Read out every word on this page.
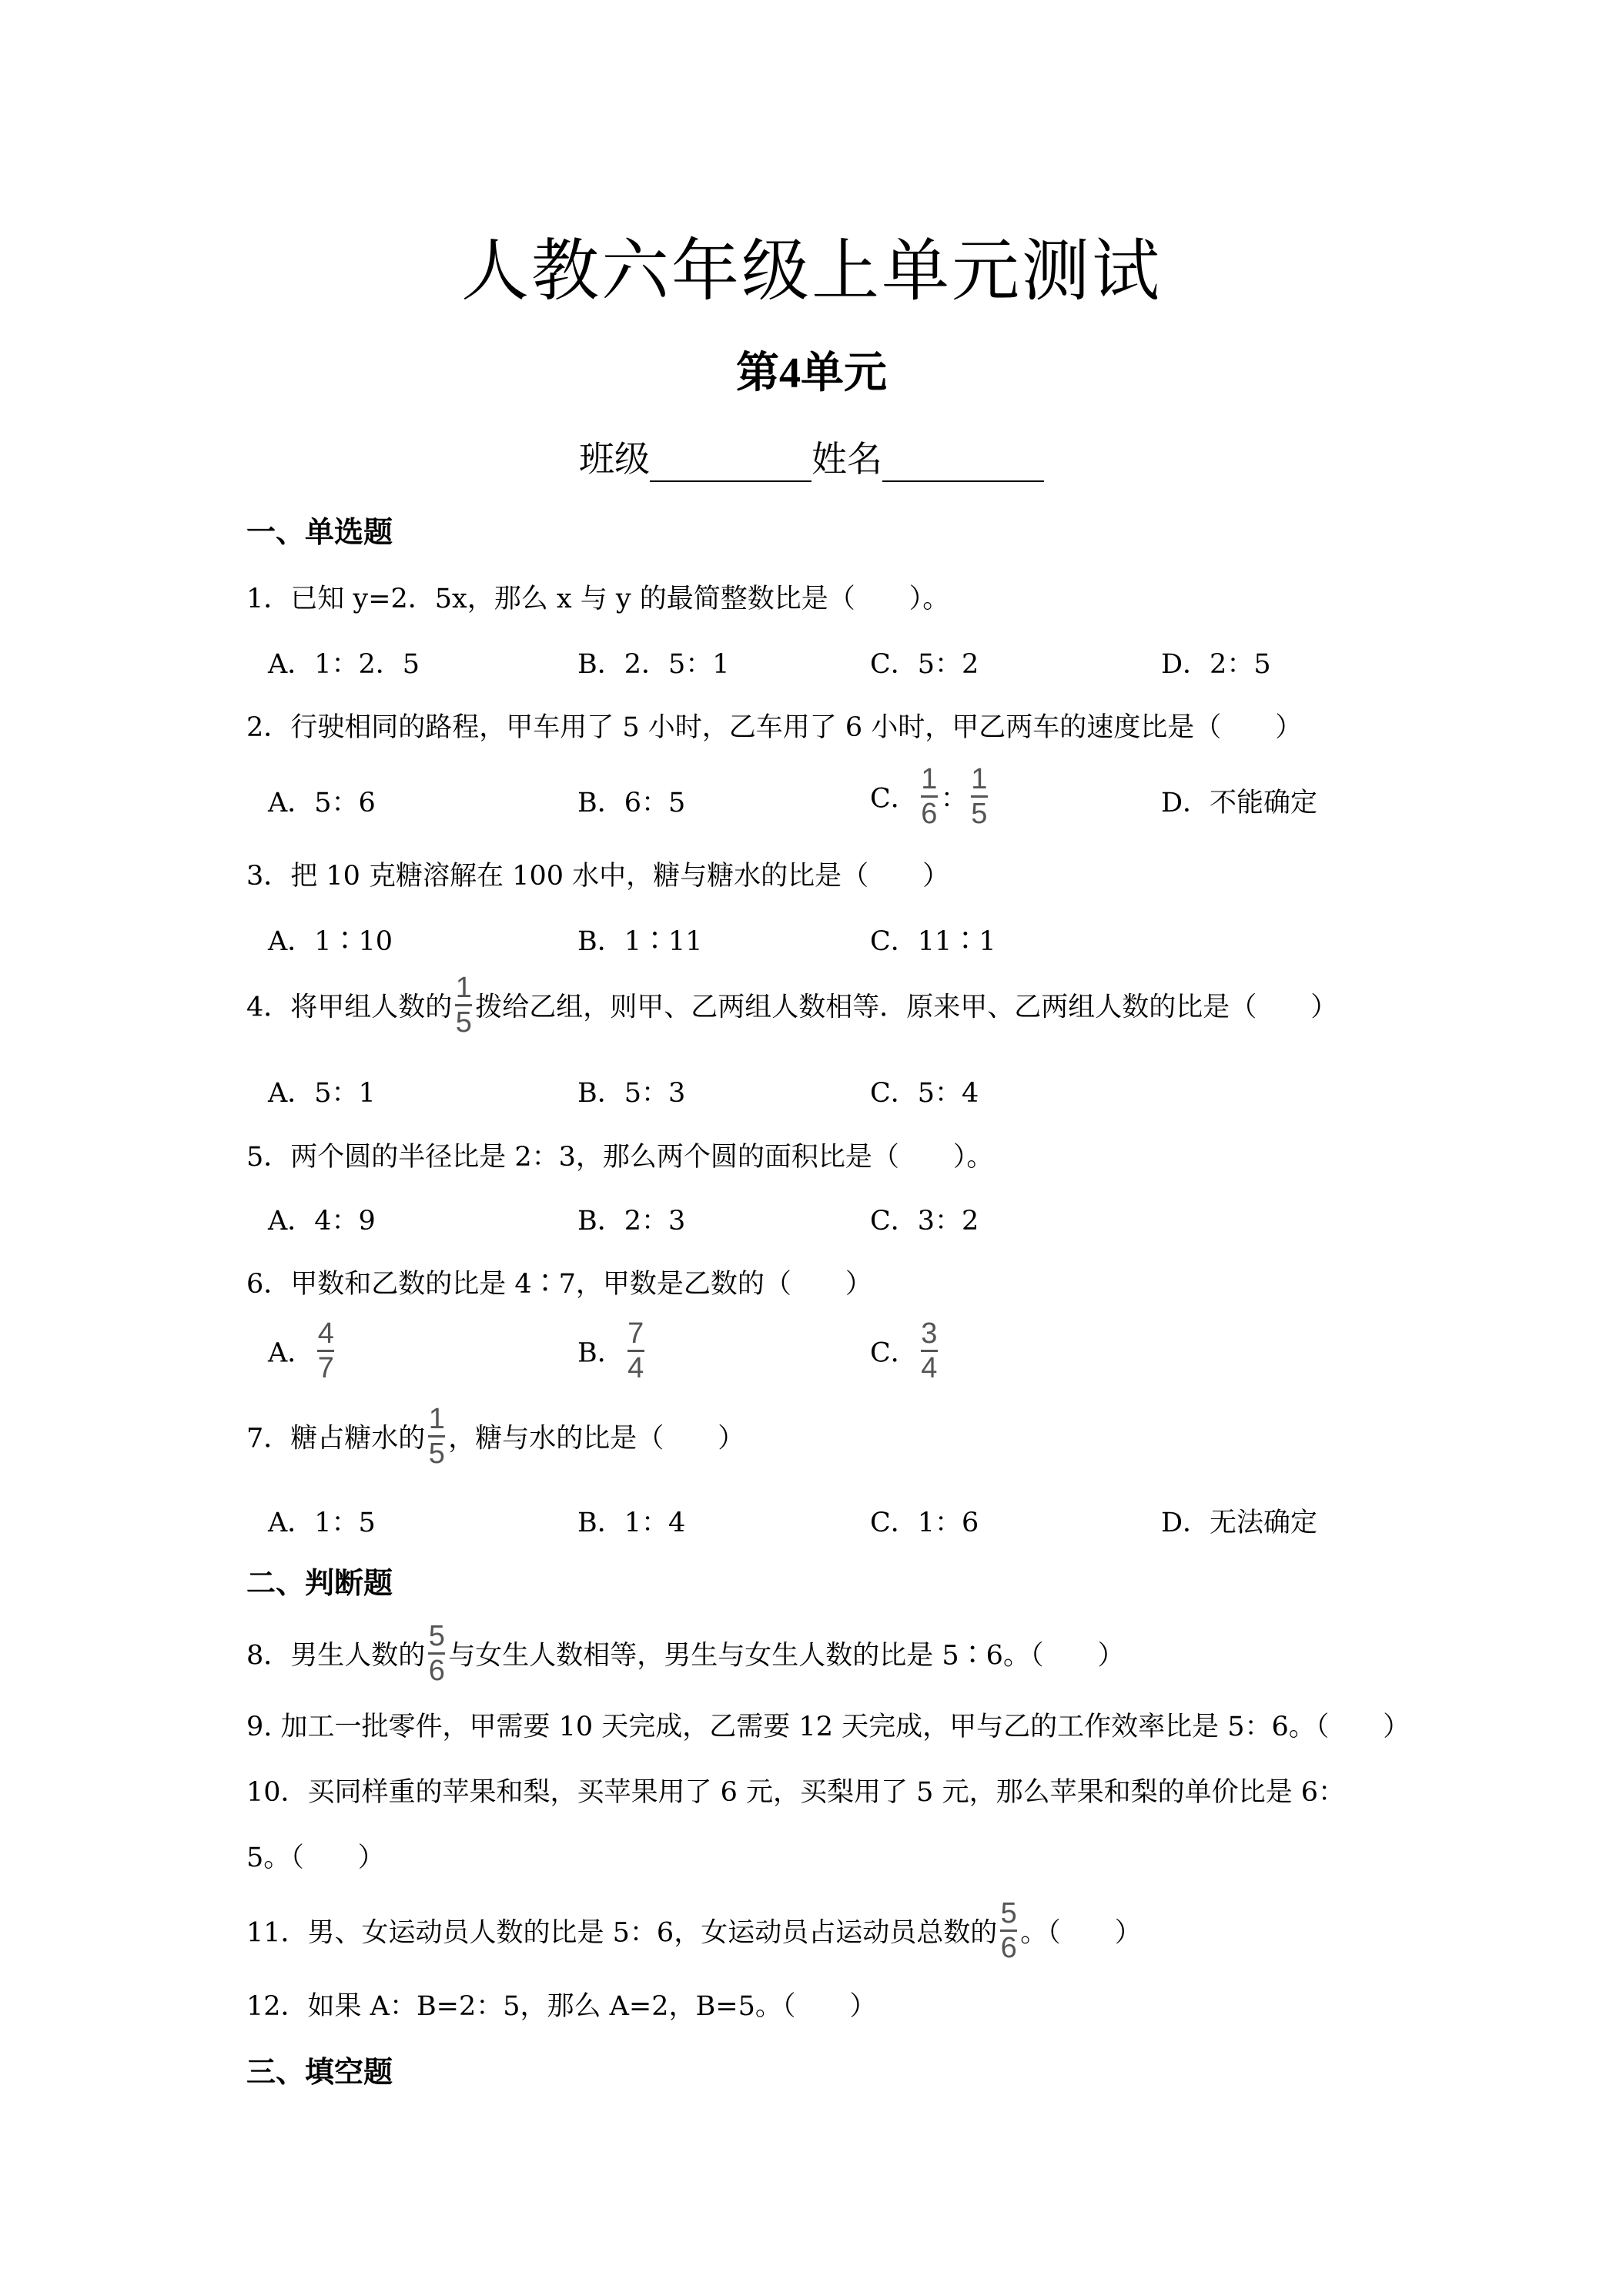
人教六年级上单元测试
第4单元
班级	姓名
一、单选题
1．已知 y=2．5x，那么 x 与 y 的最简整数比是（　　）。
A．1：2．5	B．2．5：1	C．5：2	D．2：5
2．行驶相同的路程，甲车用了 5 小时，乙车用了 6 小时，甲乙两车的速度比是（　　）
A．5：6	B．6：5	C． $\frac{1}{6}$ ： $\frac{1}{5}$	D．不能确定
3．把 10 克糖溶解在 100 水中，糖与糖水的比是（　　）
A．1∶10	B．1∶11	C．11∶1
4．将甲组人数的 $\frac{1}{5}$ 拨给乙组，则甲、乙两组人数相等．原来甲、乙两组人数的比是（　　）
A．5：1	B．5：3	C．5：4
5．两个圆的半径比是 2：3，那么两个圆的面积比是（　　）。
A．4：9	B．2：3	C．3：2
6．甲数和乙数的比是 4∶7，甲数是乙数的（　　）
A． $\frac{4}{7}$	B． $\frac{7}{4}$	C． $\frac{3}{4}$
7．糖占糖水的 $\frac{1}{5}$ ，糖与水的比是（　　）
A．1：5	B．1：4	C．1：6	D．无法确定
二、判断题
8．男生人数的 $\frac{5}{6}$ 与女生人数相等，男生与女生人数的比是 5∶6。（　　）
9. 加工一批零件，甲需要 10 天完成，乙需要 12 天完成，甲与乙的工作效率比是 5：6。（　　）
10．买同样重的苹果和梨，买苹果用了 6 元，买梨用了 5 元，那么苹果和梨的单价比是 6：
5。（　　）
11．男、女运动员人数的比是 5：6，女运动员占运动员总数的 $\frac{5}{6}$ 。（　　）
12．如果 A：B=2：5，那么 A=2，B=5。（　　）
三、填空题
